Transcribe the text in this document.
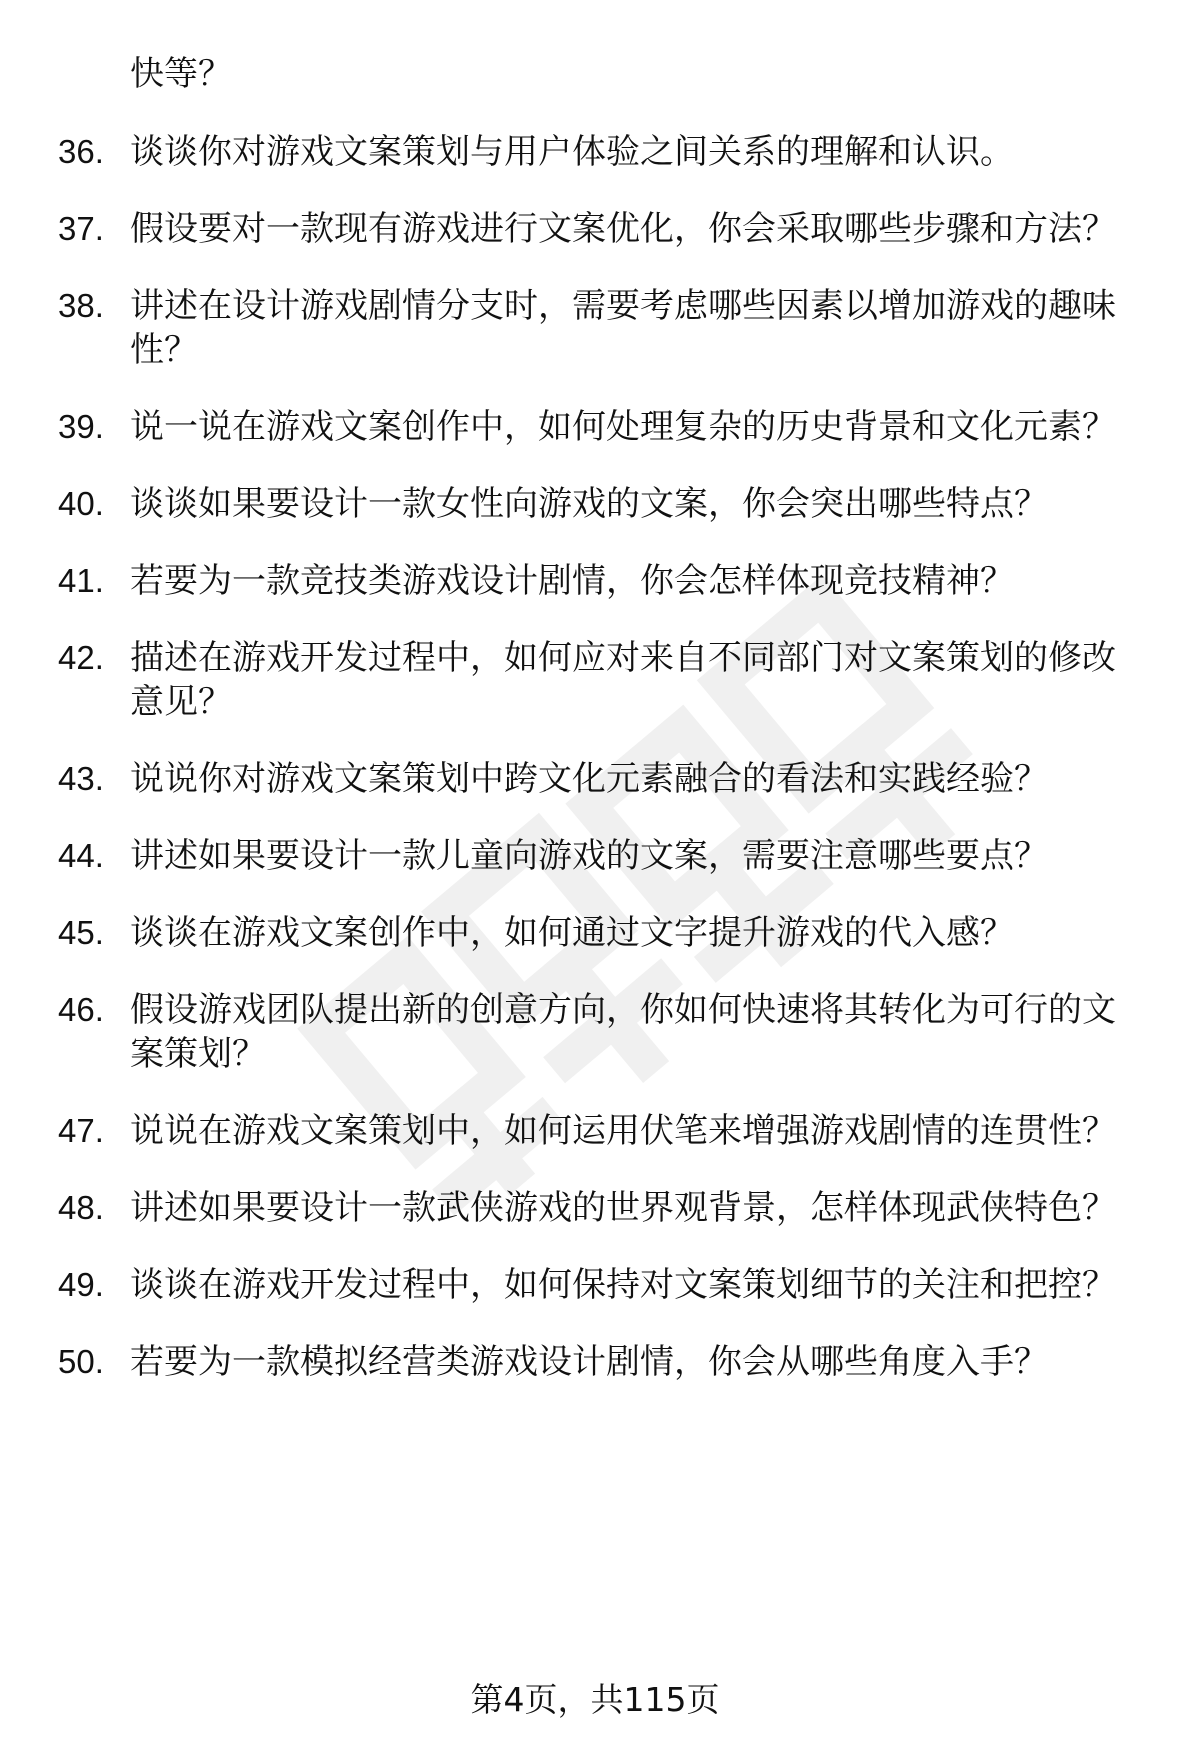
快等？

36. 谈谈你对游戏文案策划与用户体验之间关系的理解和认识。
37. 假设要对一款现有游戏进行文案优化，你会采取哪些步骤和方法？
38. 讲述在设计游戏剧情分支时，需要考虑哪些因素以增加游戏的趣味性？
39. 说一说在游戏文案创作中，如何处理复杂的历史背景和文化元素？
40. 谈谈如果要设计一款女性向游戏的文案，你会突出哪些特点？
41. 若要为一款竞技类游戏设计剧情，你会怎样体现竞技精神？
42. 描述在游戏开发过程中，如何应对来自不同部门对文案策划的修改意见？
43. 说说你对游戏文案策划中跨文化元素融合的看法和实践经验？
44. 讲述如果要设计一款儿童向游戏的文案，需要注意哪些要点？
45. 谈谈在游戏文案创作中，如何通过文字提升游戏的代入感？
46. 假设游戏团队提出新的创意方向，你如何快速将其转化为可行的文案策划？
47. 说说在游戏文案策划中，如何运用伏笔来增强游戏剧情的连贯性？
48. 讲述如果要设计一款武侠游戏的世界观背景，怎样体现武侠特色？
49. 谈谈在游戏开发过程中，如何保持对文案策划细节的关注和把控？
50. 若要为一款模拟经营类游戏设计剧情，你会从哪些角度入手？
第4页，共115页
